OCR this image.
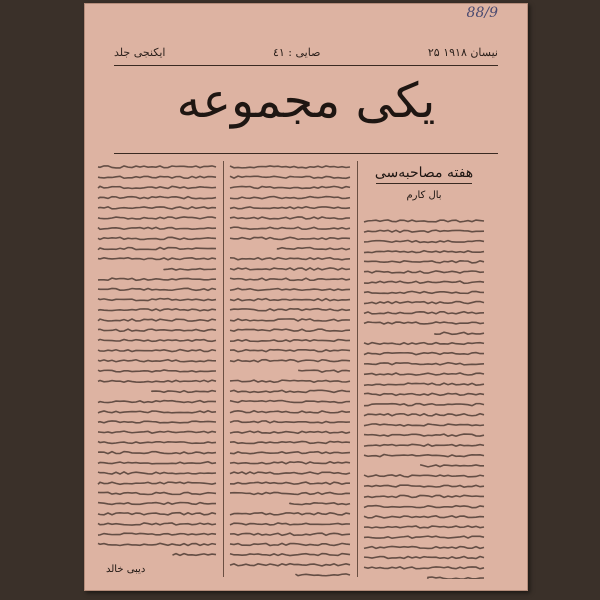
88/9
ایکنجی جلد	صایی : ٤۱	۲۵ نیسان ۱۹۱۸
یکی مجموعه
هفته مصاحبه‌سی
بال کارم
دیبی خالد
